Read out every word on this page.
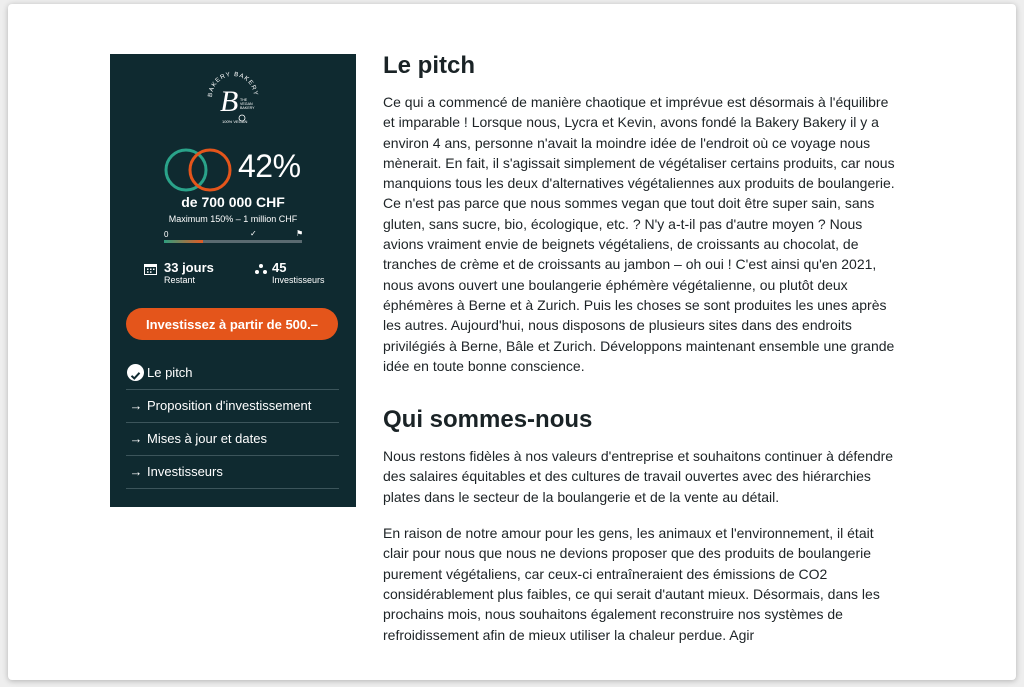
BAKERY BAKERY
B THE
VEGAN
BAKERY
100% VEGAN
42%
de 700 000 CHF
Maximum 150% – 1 million CHF
0	✓	⚑
33 jours
Restant
45
Investisseurs
Investissez à partir de 500.–
Le pitch
→ Proposition d'investissement
→ Mises à jour et dates
→ Investisseurs
Le pitch

Ce qui a commencé de manière chaotique et imprévue est désormais à l'équilibre et imparable ! Lorsque nous, Lycra et Kevin, avons fondé la Bakery Bakery il y a environ 4 ans, personne n'avait la moindre idée de l'endroit où ce voyage nous mènerait. En fait, il s'agissait simplement de végétaliser certains produits, car nous manquions tous les deux d'alternatives végétaliennes aux produits de boulangerie. Ce n'est pas parce que nous sommes vegan que tout doit être super sain, sans gluten, sans sucre, bio, écologique, etc. ? N'y a-t-il pas d'autre moyen ? Nous avions vraiment envie de beignets végétaliens, de croissants au chocolat, de tranches de crème et de croissants au jambon – oh oui ! C'est ainsi qu'en 2021, nous avons ouvert une boulangerie éphémère végétalienne, ou plutôt deux éphémères à Berne et à Zurich. Puis les choses se sont produites les unes après les autres. Aujourd'hui, nous disposons de plusieurs sites dans des endroits privilégiés à Berne, Bâle et Zurich. Développons maintenant ensemble une grande idée en toute bonne conscience.

Qui sommes-nous

Nous restons fidèles à nos valeurs d'entreprise et souhaitons continuer à défendre des salaires équitables et des cultures de travail ouvertes avec des hiérarchies plates dans le secteur de la boulangerie et de la vente au détail.

En raison de notre amour pour les gens, les animaux et l'environnement, il était clair pour nous que nous ne devions proposer que des produits de boulangerie purement végétaliens, car ceux-ci entraîneraient des émissions de CO2 considérablement plus faibles, ce qui serait d'autant mieux. Désormais, dans les prochains mois, nous souhaitons également reconstruire nos systèmes de refroidissement afin de mieux utiliser la chaleur perdue. Agir
